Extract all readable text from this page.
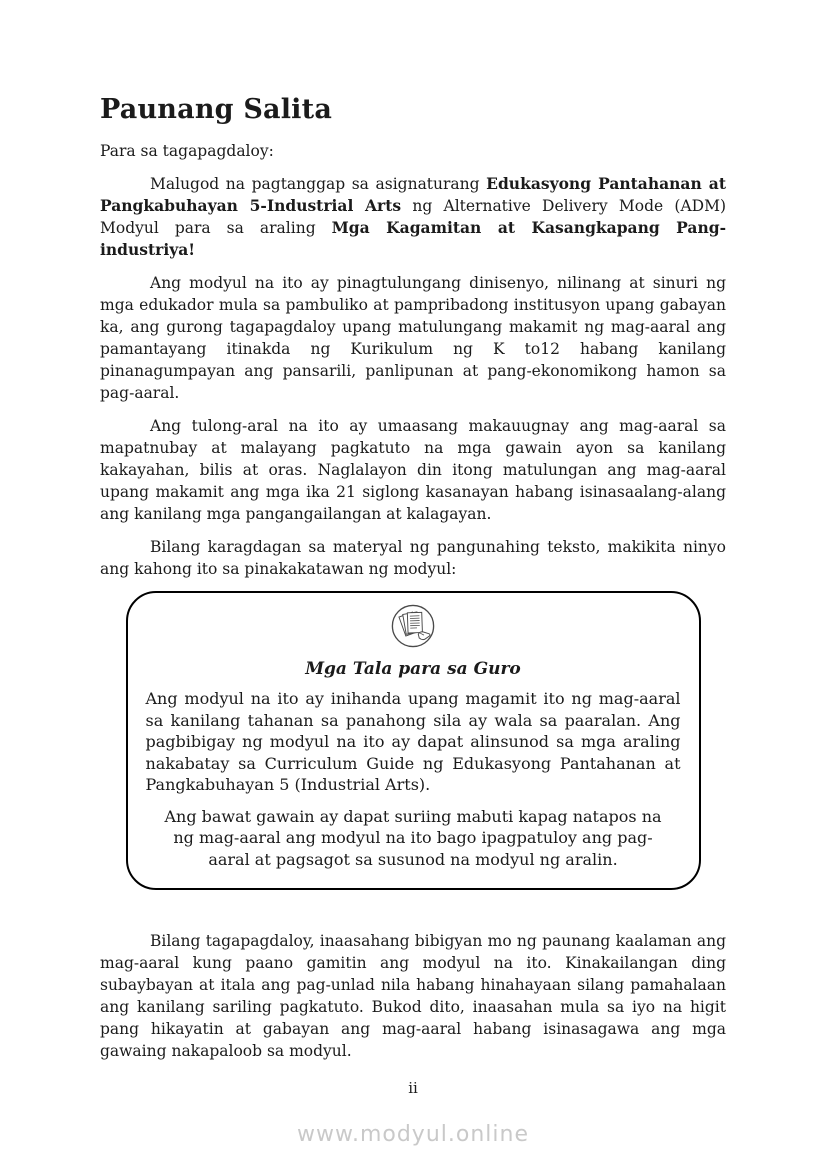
Paunang Salita

Para sa tagapagdaloy:

Malugod na pagtanggap sa asignaturang Edukasyong Pantahanan at Pangkabuhayan 5-Industrial Arts ng Alternative Delivery Mode (ADM) Modyul para sa araling Mga Kagamitan at Kasangkapang Pang-industriya!

Ang modyul na ito ay pinagtulungang dinisenyo, nilinang at sinuri ng mga edukador mula sa pambuliko at pampribadong institusyon upang gabayan ka, ang gurong tagapagdaloy upang matulungang makamit ng mag-aaral ang pamantayang itinakda ng Kurikulum ng K to12 habang kanilang pinanagumpayan ang pansarili, panlipunan at pang-ekonomikong hamon sa pag-aaral.

Ang tulong-aral na ito ay umaasang makauugnay ang mag-aaral sa mapatnubay at malayang pagkatuto na mga gawain ayon sa kanilang kakayahan, bilis at oras. Naglalayon din itong matulungan ang mag-aaral upang makamit ang mga ika 21 siglong kasanayan habang isinasaalang-alang ang kanilang mga pangangailangan at kalagayan.

Bilang karagdagan sa materyal ng pangunahing teksto, makikita ninyo ang kahong ito sa pinakakatawan ng modyul:

Mga Tala para sa Guro

Ang modyul na ito ay inihanda upang magamit ito ng mag-aaral sa kanilang tahanan sa panahong sila ay wala sa paaralan. Ang pagbibigay ng modyul na ito ay dapat alinsunod sa mga araling nakabatay sa Curriculum Guide ng Edukasyong Pantahanan at Pangkabuhayan 5 (Industrial Arts).

Ang bawat gawain ay dapat suriing mabuti kapag natapos na ng mag-aaral ang modyul na ito bago ipagpatuloy ang pag-aaral at pagsagot sa susunod na modyul ng aralin.

Bilang tagapagdaloy, inaasahang bibigyan mo ng paunang kaalaman ang mag-aaral kung paano gamitin ang modyul na ito. Kinakailangan ding subaybayan at itala ang pag-unlad nila habang hinahayaan silang pamahalaan ang kanilang sariling pagkatuto. Bukod dito, inaasahan mula sa iyo na higit pang hikayatin at gabayan ang mag-aaral habang isinasagawa ang mga gawaing nakapaloob sa modyul.

ii
www.modyul.online
